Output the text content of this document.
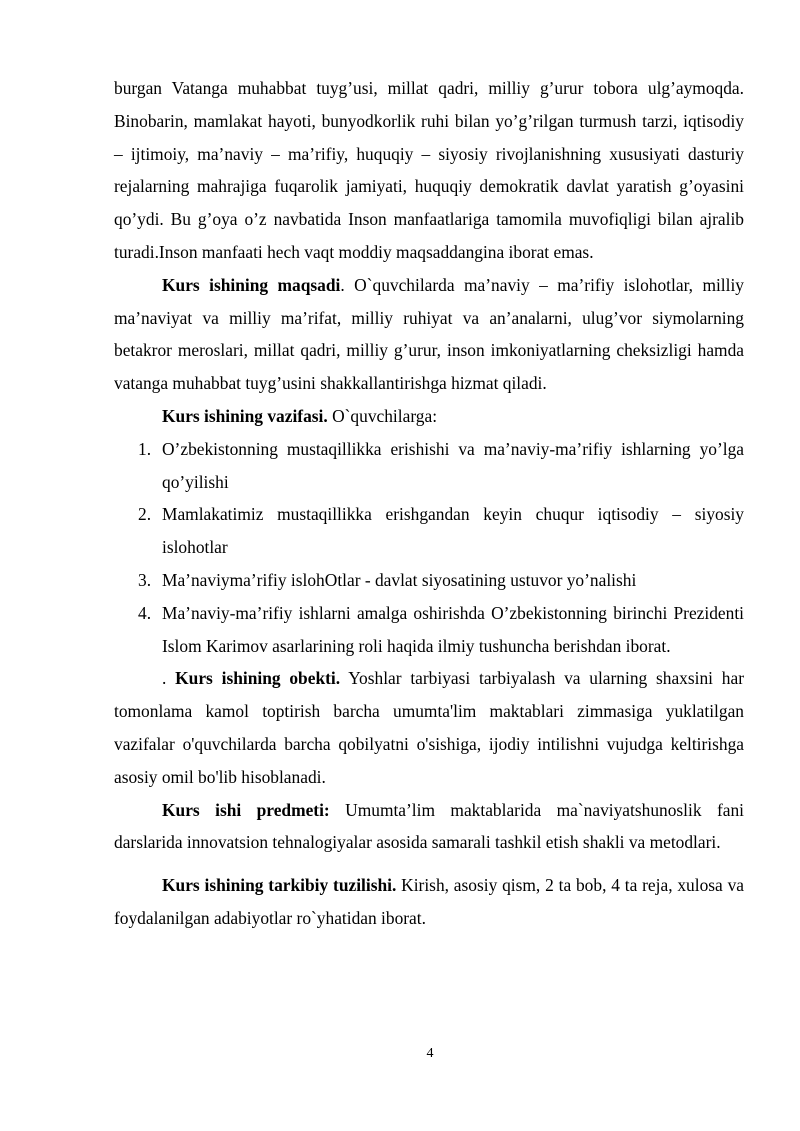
burgan Vatanga muhabbat tuyg’usi, millat qadri, milliy g’urur tobora ulg’aymoqda. Binobarin, mamlakat hayoti, bunyodkorlik ruhi bilan yo’g’rilgan turmush tarzi, iqtisodiy – ijtimoiy, ma’naviy – ma’rifiy, huquqiy – siyosiy rivojlanishning xususiyati dasturiy rejalarning mahrajiga fuqarolik jamiyati, huquqiy demokratik davlat yaratish g’oyasini qo’ydi. Bu g’oya o’z navbatida Inson manfaatlariga tamomila muvofiqligi bilan ajralib turadi.Inson manfaati hech vaqt moddiy maqsaddangina iborat emas.

Kurs ishining maqsadi. O`quvchilarda ma’naviy – ma’rifiy islohotlar, milliy ma’naviyat va milliy ma’rifat, milliy ruhiyat va an’analarni, ulug’vor siymolarning betakror meroslari, millat qadri, milliy g’urur, inson imkoniyatlarning cheksizligi hamda vatanga muhabbat tuyg’usini shakkallantirishga hizmat qiladi.

Kurs ishining vazifasi. O`quvchilarga:

1. O’zbekistonning mustaqillikka erishishi va ma’naviy-ma’rifiy ishlarning yo’lga qo’yilishi
2. Mamlakatimiz mustaqillikka erishgandan keyin chuqur iqtisodiy – siyosiy islohotlar
3. Ma’naviyma’rifiy islohOtlar - davlat siyosatining ustuvor yo’nalishi
4. Ma’naviy-ma’rifiy ishlarni amalga oshirishda O’zbekistonning birinchi Prezidenti Islom Karimov asarlarining roli haqida ilmiy tushuncha berishdan iborat.

. Kurs ishining obekti. Yoshlar tarbiyasi tarbiyalash va ularning shaxsini har tomonlama kamol toptirish barcha umumta'lim maktablari zimmasiga yuklatilgan vazifalar o'quvchilarda barcha qobilyatni o'sishiga, ijodiy intilishni vujudga keltirishga asosiy omil bo'lib hisoblanadi.

Kurs ishi predmeti: Umumta’lim maktablarida ma`naviyatshunoslik fani darslarida innovatsion tehnalogiyalar asosida samarali tashkil etish shakli va metodlari.

Kurs ishining tarkibiy tuzilishi. Kirish, asosiy qism, 2 ta bob, 4 ta reja, xulosa va foydalanilgan adabiyotlar ro`yhatidan iborat.

4
